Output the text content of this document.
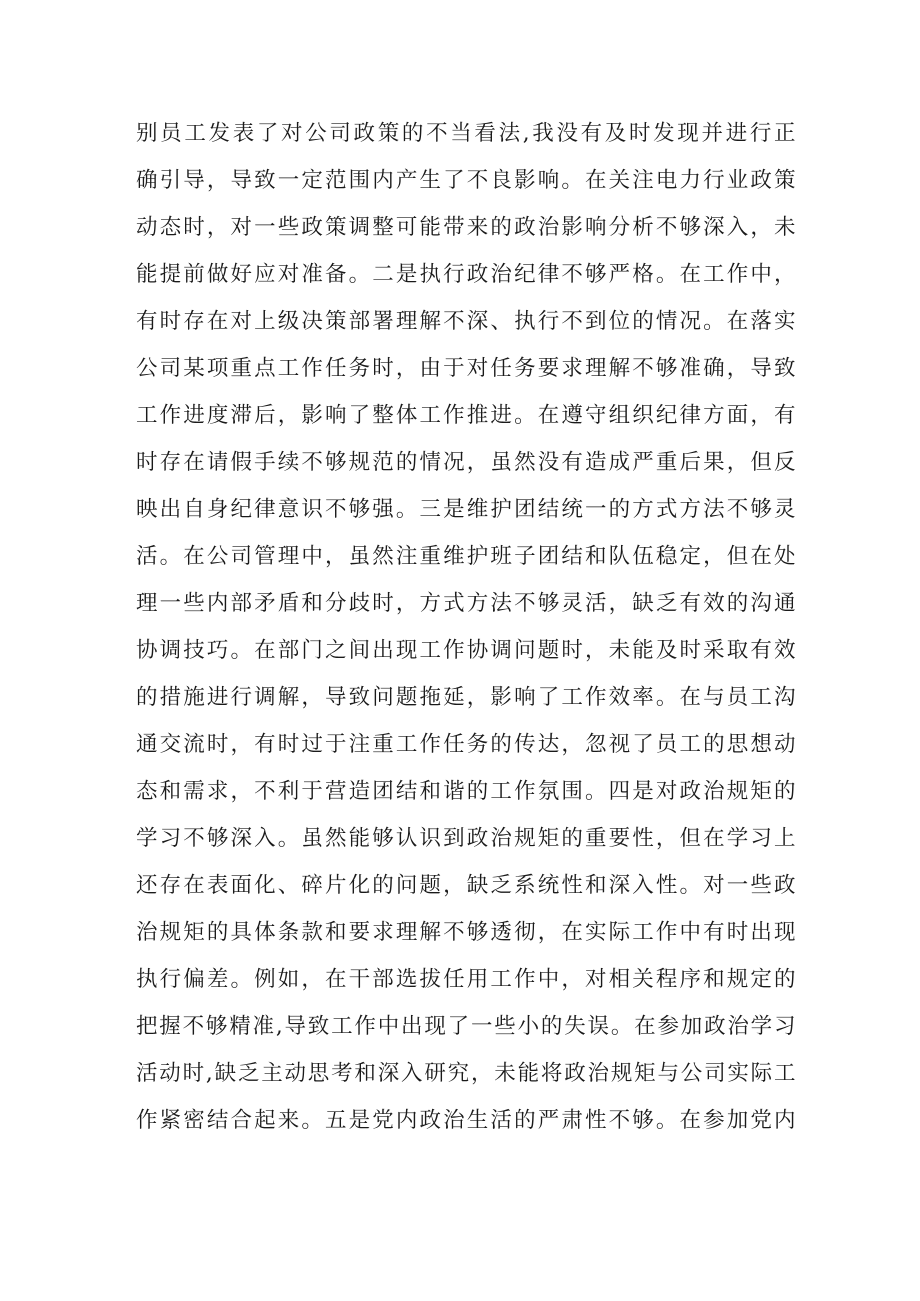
别员工发表了对公司政策的不当看法,我没有及时发现并进行正
确引导，导致一定范围内产生了不良影响。在关注电力行业政策
动态时，对一些政策调整可能带来的政治影响分析不够深入，未
能提前做好应对准备。二是执行政治纪律不够严格。在工作中，
有时存在对上级决策部署理解不深、执行不到位的情况。在落实
公司某项重点工作任务时，由于对任务要求理解不够准确，导致
工作进度滞后，影响了整体工作推进。在遵守组织纪律方面，有
时存在请假手续不够规范的情况，虽然没有造成严重后果，但反
映出自身纪律意识不够强。三是维护团结统一的方式方法不够灵
活。在公司管理中，虽然注重维护班子团结和队伍稳定，但在处
理一些内部矛盾和分歧时，方式方法不够灵活，缺乏有效的沟通
协调技巧。在部门之间出现工作协调问题时，未能及时采取有效
的措施进行调解，导致问题拖延，影响了工作效率。在与员工沟
通交流时，有时过于注重工作任务的传达，忽视了员工的思想动
态和需求，不利于营造团结和谐的工作氛围。四是对政治规矩的
学习不够深入。虽然能够认识到政治规矩的重要性，但在学习上
还存在表面化、碎片化的问题，缺乏系统性和深入性。对一些政
治规矩的具体条款和要求理解不够透彻，在实际工作中有时出现
执行偏差。例如，在干部选拔任用工作中，对相关程序和规定的
把握不够精准,导致工作中出现了一些小的失误。在参加政治学习
活动时,缺乏主动思考和深入研究，未能将政治规矩与公司实际工
作紧密结合起来。五是党内政治生活的严肃性不够。在参加党内
